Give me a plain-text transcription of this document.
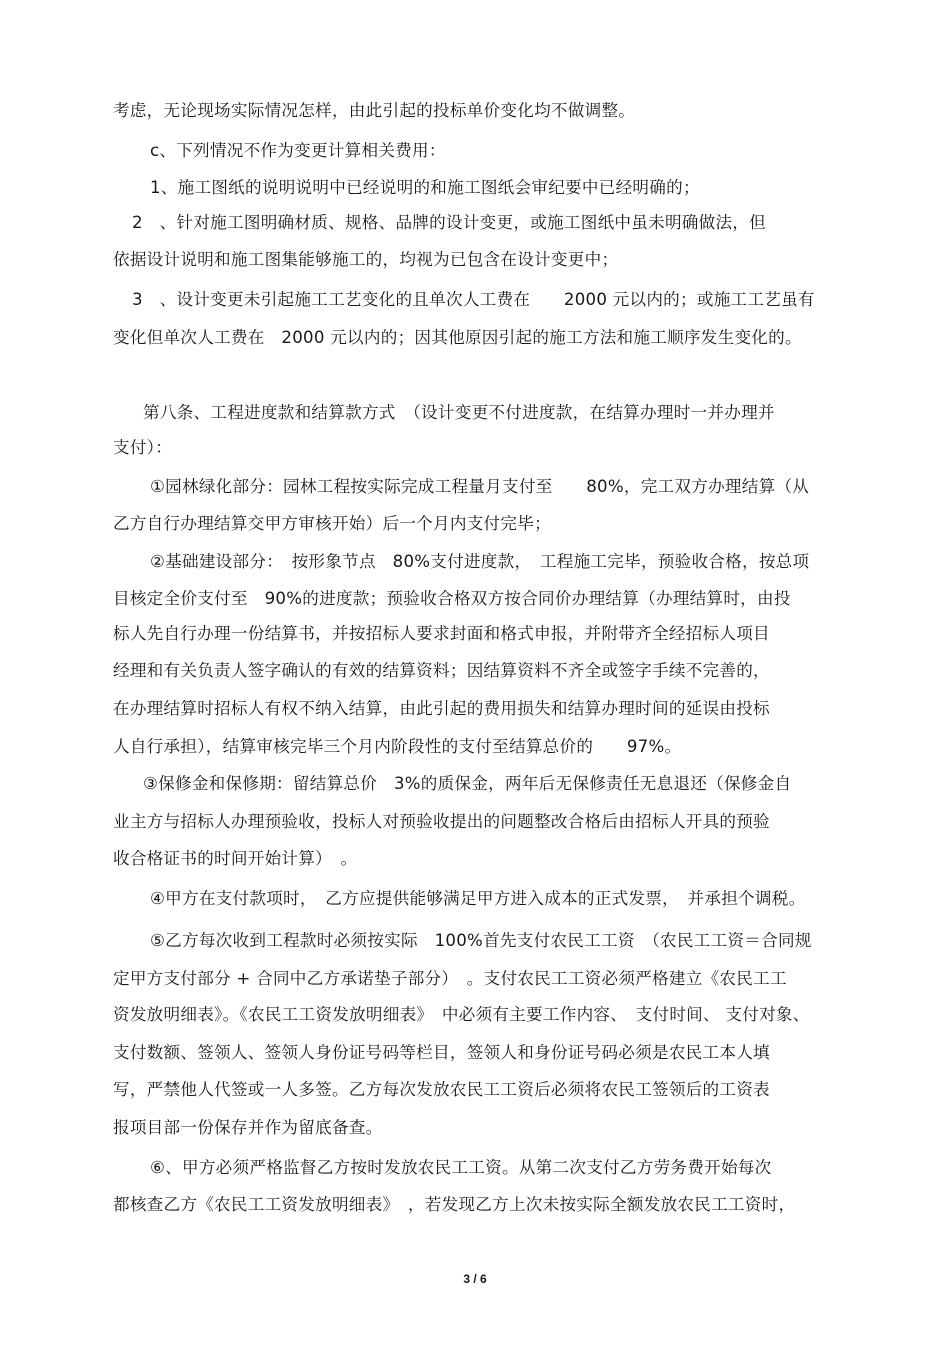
考虑，无论现场实际情况怎样，由此引起的投标单价变化均不做调整。
c、下列情况不作为变更计算相关费用：
1、施工图纸的说明说明中已经说明的和施工图纸会审纪要中已经明确的；
2　、针对施工图明确材质、规格、品牌的设计变更，或施工图纸中虽未明确做法，但
依据设计说明和施工图集能够施工的，均视为已包含在设计变更中；
3　、设计变更未引起施工工艺变化的且单次人工费在　　2000 元以内的；或施工工艺虽有
变化但单次人工费在　2000 元以内的；因其他原因引起的施工方法和施工顺序发生变化的。
第八条、工程进度款和结算款方式　（设计变更不付进度款，在结算办理时一并办理并
支付）：
①园林绿化部分：园林工程按实际完成工程量月支付至　　80%，完工双方办理结算（从
乙方自行办理结算交甲方审核开始）后一个月内支付完毕；
②基础建设部分：　按形象节点　80%支付进度款，　工程施工完毕，预验收合格，按总项
目核定全价支付至　90%的进度款；预验收合格双方按合同价办理结算（办理结算时，由投
标人先自行办理一份结算书，并按招标人要求封面和格式申报，并附带齐全经招标人项目
经理和有关负责人签字确认的有效的结算资料；因结算资料不齐全或签字手续不完善的，
在办理结算时招标人有权不纳入结算，由此引起的费用损失和结算办理时间的延误由投标
人自行承担），结算审核完毕三个月内阶段性的支付至结算总价的　　97%。
③保修金和保修期：留结算总价　3%的质保金，两年后无保修责任无息退还（保修金自
业主方与招标人办理预验收，投标人对预验收提出的问题整改合格后由招标人开具的预验
收合格证书的时间开始计算）　。
④甲方在支付款项时，　乙方应提供能够满足甲方进入成本的正式发票，　并承担个调税。
⑤乙方每次收到工程款时必须按实际　100%首先支付农民工工资　（农民工工资＝合同规
定甲方支付部分 + 合同中乙方承诺垫子部分）　。支付农民工工资必须严格建立《农民工工
资发放明细表》。《农民工工资发放明细表》　中必须有主要工作内容、　支付时间、 支付对象、
支付数额、签领人、签领人身份证号码等栏目，签领人和身份证号码必须是农民工本人填
写，严禁他人代签或一人多签。乙方每次发放农民工工资后必须将农民工签领后的工资表
报项目部一份保存并作为留底备查。
⑥、甲方必须严格监督乙方按时发放农民工工资。从第二次支付乙方劳务费开始每次
都核查乙方《农民工工资发放明细表》　，若发现乙方上次未按实际全额发放农民工工资时，
3 / 6
